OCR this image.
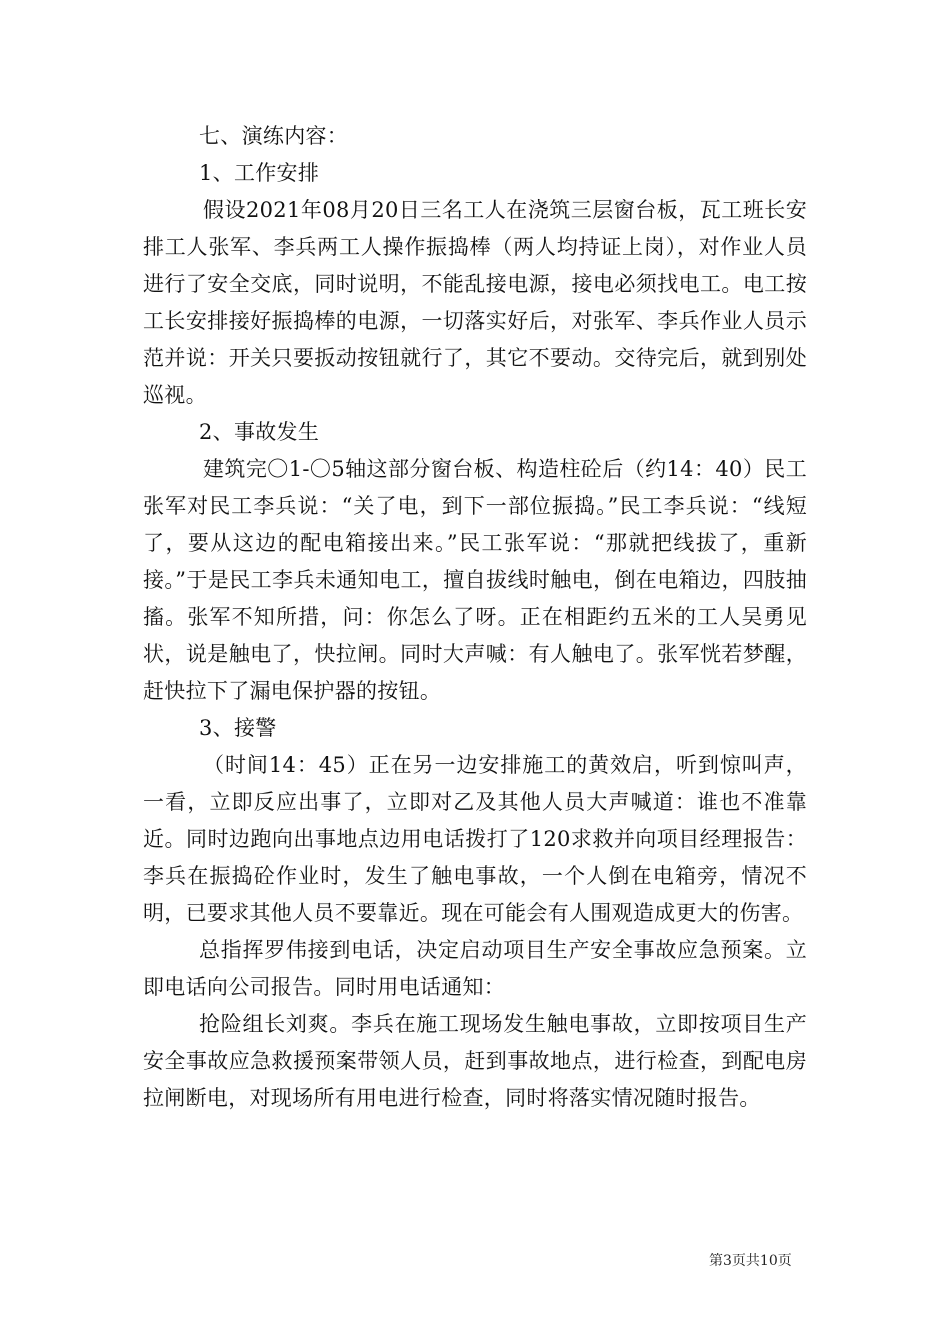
七、演练内容：

1、工作安排

假设2021年08月20日三名工人在浇筑三层窗台板，瓦工班长安排工人张军、李兵两工人操作振捣棒（两人均持证上岗），对作业人员进行了安全交底，同时说明，不能乱接电源，接电必须找电工。电工按工长安排接好振捣棒的电源，一切落实好后，对张军、李兵作业人员示范并说：开关只要扳动按钮就行了，其它不要动。交待完后，就到别处巡视。

2、事故发生

建筑完〇1-〇5轴这部分窗台板、构造柱砼后（约14：40）民工张军对民工李兵说：“关了电，到下一部位振捣。”民工李兵说：“线短了，要从这边的配电箱接出来。”民工张军说：“那就把线拔了，重新接。”于是民工李兵未通知电工，擅自拔线时触电，倒在电箱边，四肢抽搐。张军不知所措，问：你怎么了呀。正在相距约五米的工人吴勇见状，说是触电了，快拉闸。同时大声喊：有人触电了。张军恍若梦醒，赶快拉下了漏电保护器的按钮。

3、接警

（时间14：45）正在另一边安排施工的黄效启，听到惊叫声，一看，立即反应出事了，立即对乙及其他人员大声喊道：谁也不准靠近。同时边跑向出事地点边用电话拨打了120求救并向项目经理报告：李兵在振捣砼作业时，发生了触电事故，一个人倒在电箱旁，情况不明，已要求其他人员不要靠近。现在可能会有人围观造成更大的伤害。

总指挥罗伟接到电话，决定启动项目生产安全事故应急预案。立即电话向公司报告。同时用电话通知：

抢险组长刘爽。李兵在施工现场发生触电事故，立即按项目生产安全事故应急救援预案带领人员，赶到事故地点，进行检查，到配电房拉闸断电，对现场所有用电进行检查，同时将落实情况随时报告。

第3页共10页
